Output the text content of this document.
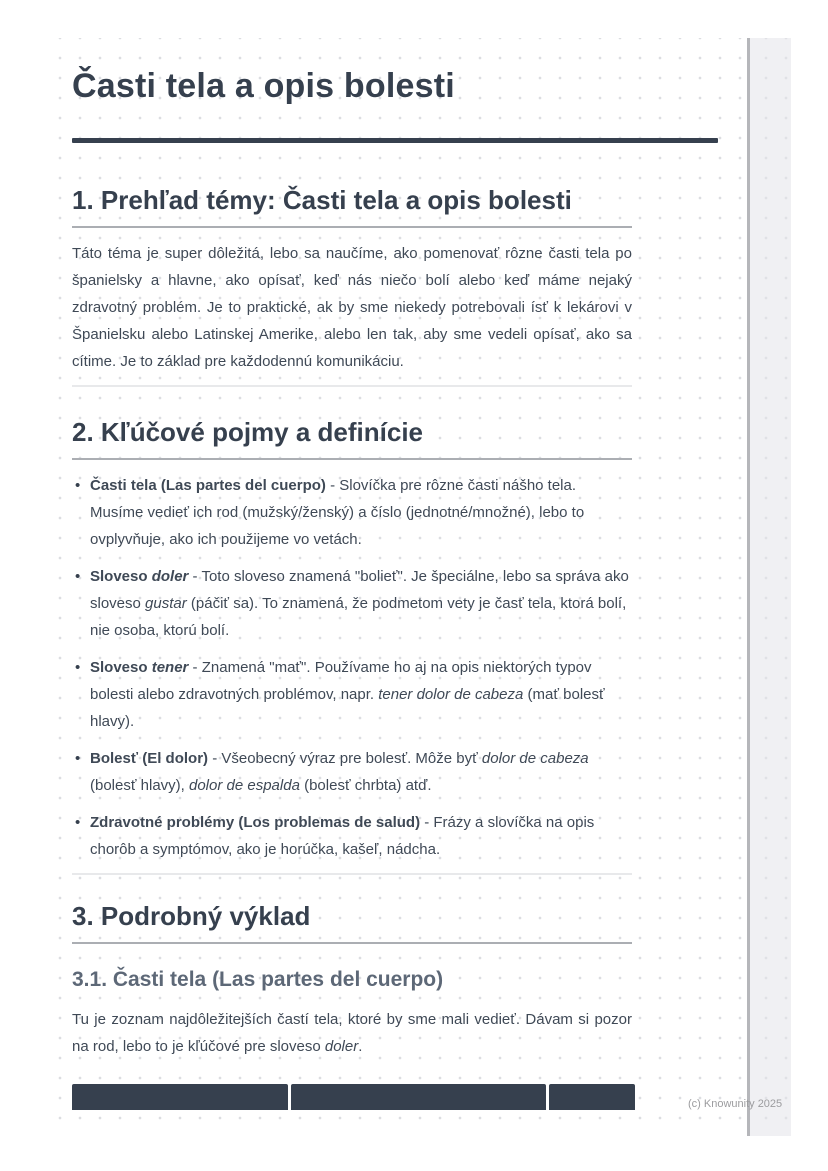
Časti tela a opis bolesti
1. Prehľad témy: Časti tela a opis bolesti

Táto téma je super dôležitá, lebo sa naučíme, ako pomenovať rôzne časti tela po španielsky a hlavne, ako opísať, keď nás niečo bolí alebo keď máme nejaký zdravotný problém. Je to praktické, ak by sme niekedy potrebovali ísť k lekárovi v Španielsku alebo Latinskej Amerike, alebo len tak, aby sme vedeli opísať, ako sa cítime. Je to základ pre každodennú komunikáciu.

2. Kľúčové pojmy a definície
• Časti tela (Las partes del cuerpo) - Slovíčka pre rôzne časti nášho tela. Musíme vedieť ich rod (mužský/ženský) a číslo (jednotné/množné), lebo to ovplyvňuje, ako ich použijeme vo vetách.
• Sloveso doler - Toto sloveso znamená "bolieť". Je špeciálne, lebo sa správa ako sloveso gustar (páčiť sa). To znamená, že podmetom vety je časť tela, ktorá bolí, nie osoba, ktorú bolí.
• Sloveso tener - Znamená "mať". Používame ho aj na opis niektorých typov bolesti alebo zdravotných problémov, napr. tener dolor de cabeza (mať bolesť hlavy).
• Bolesť (El dolor) - Všeobecný výraz pre bolesť. Môže byť dolor de cabeza (bolesť hlavy), dolor de espalda (bolesť chrbta) atď.
• Zdravotné problémy (Los problemas de salud) - Frázy a slovíčka na opis chorôb a symptómov, ako je horúčka, kašeľ, nádcha.
3. Podrobný výklad
3.1. Časti tela (Las partes del cuerpo)

Tu je zoznam najdôležitejších častí tela, ktoré by sme mali vedieť. Dávam si pozor na rod, lebo to je kľúčové pre sloveso doler.

(c) Knowunity 2025
